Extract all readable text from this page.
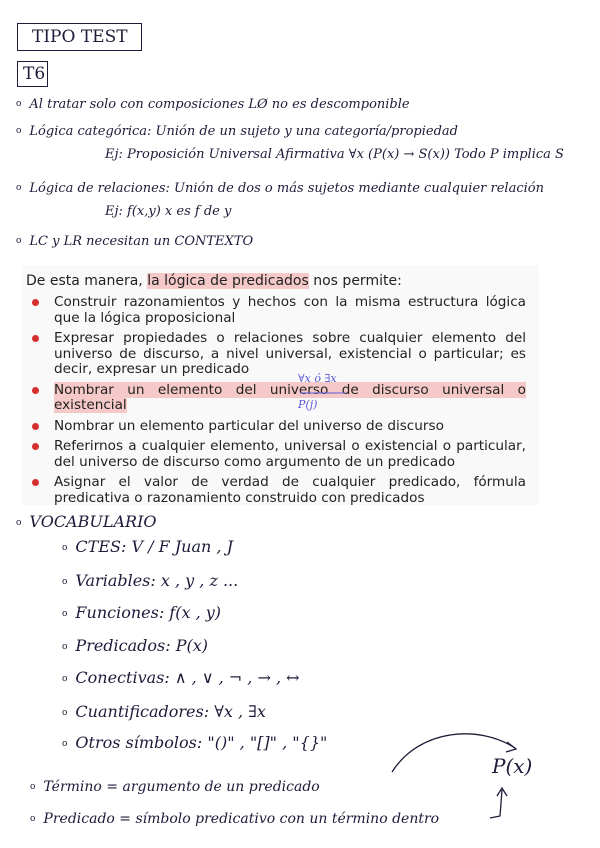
TIPO TEST
T6
o Al tratar solo con composiciones LØ no es descomponible
o Lógica categórica: Unión de un sujeto y una categoría/propiedad
Ej: Proposición Universal Afirmativa ∀x (P(x) → S(x)) Todo P implica S
o Lógica de relaciones: Unión de dos o más sujetos mediante cualquier relación
Ej: f(x,y) x es f de y
o LC y LR necesitan un CONTEXTO
De esta manera, la lógica de predicados nos permite:
Construir razonamientos y hechos con la misma estructura lógica que la lógica proposicional
Expresar propiedades o relaciones sobre cualquier elemento del universo de discurso, a nivel universal, existencial o particular; es decir, expresar un predicado
Nombrar un elemento del universo de discurso universal o existencial
Nombrar un elemento particular del universo de discurso
Referirnos a cualquier elemento, universal o existencial o particular, del universo de discurso como argumento de un predicado
Asignar el valor de verdad de cualquier predicado, fórmula predicativa o razonamiento construido con predicados
∀x ó ∃x
P(j)
o VOCABULARIO
o CTES: V / F Juan , J
o Variables: x , y , z ...
o Funciones: f(x , y)
o Predicados: P(x)
o Conectivas: ∧ , ∨ , ¬ , → , ↔
o Cuantificadores: ∀x , ∃x
o Otros símbolos: "()" , "[]" , "{}"
o Término = argumento de un predicado
o Predicado = símbolo predicativo con un término dentro
P(x)
